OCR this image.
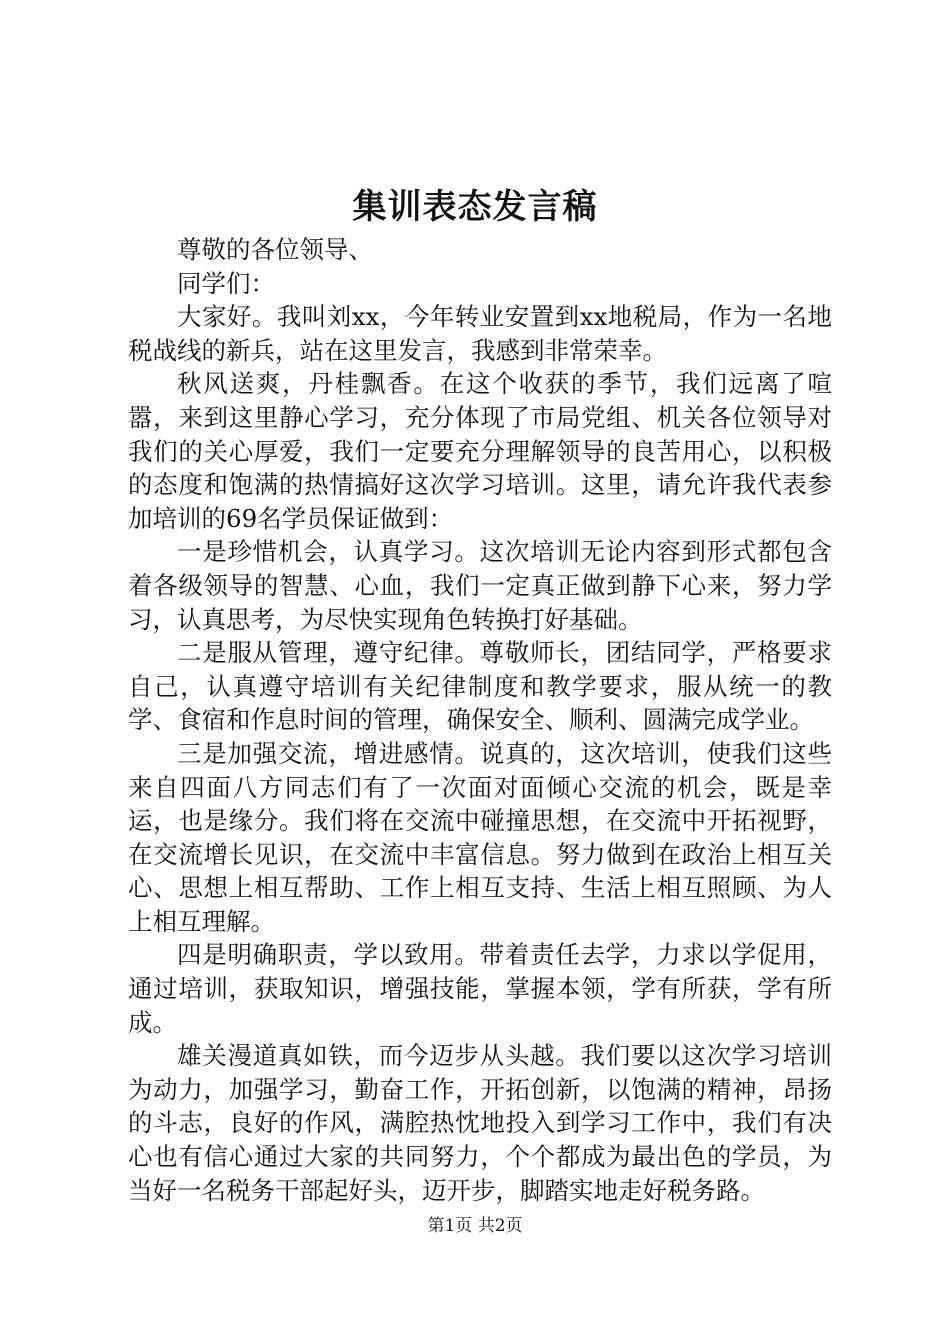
集训表态发言稿

尊敬的各位领导、

同学们：

大家好。我叫刘xx，今年转业安置到xx地税局，作为一名地税战线的新兵，站在这里发言，我感到非常荣幸。

秋风送爽，丹桂飘香。在这个收获的季节，我们远离了喧嚣，来到这里静心学习，充分体现了市局党组、机关各位领导对我们的关心厚爱，我们一定要充分理解领导的良苦用心，以积极的态度和饱满的热情搞好这次学习培训。这里，请允许我代表参加培训的69名学员保证做到：

一是珍惜机会，认真学习。这次培训无论内容到形式都包含着各级领导的智慧、心血，我们一定真正做到静下心来，努力学习，认真思考，为尽快实现角色转换打好基础。

二是服从管理，遵守纪律。尊敬师长，团结同学，严格要求自己，认真遵守培训有关纪律制度和教学要求，服从统一的教学、食宿和作息时间的管理，确保安全、顺利、圆满完成学业。

三是加强交流，增进感情。说真的，这次培训，使我们这些来自四面八方同志们有了一次面对面倾心交流的机会，既是幸运，也是缘分。我们将在交流中碰撞思想，在交流中开拓视野，在交流增长见识，在交流中丰富信息。努力做到在政治上相互关心、思想上相互帮助、工作上相互支持、生活上相互照顾、为人上相互理解。

四是明确职责，学以致用。带着责任去学，力求以学促用，通过培训，获取知识，增强技能，掌握本领，学有所获，学有所成。

雄关漫道真如铁，而今迈步从头越。我们要以这次学习培训为动力，加强学习，勤奋工作，开拓创新，以饱满的精神，昂扬的斗志，良好的作风，满腔热忱地投入到学习工作中，我们有决心也有信心通过大家的共同努力，个个都成为最出色的学员，为当好一名税务干部起好头，迈开步，脚踏实地走好税务路。

第1页 共2页
